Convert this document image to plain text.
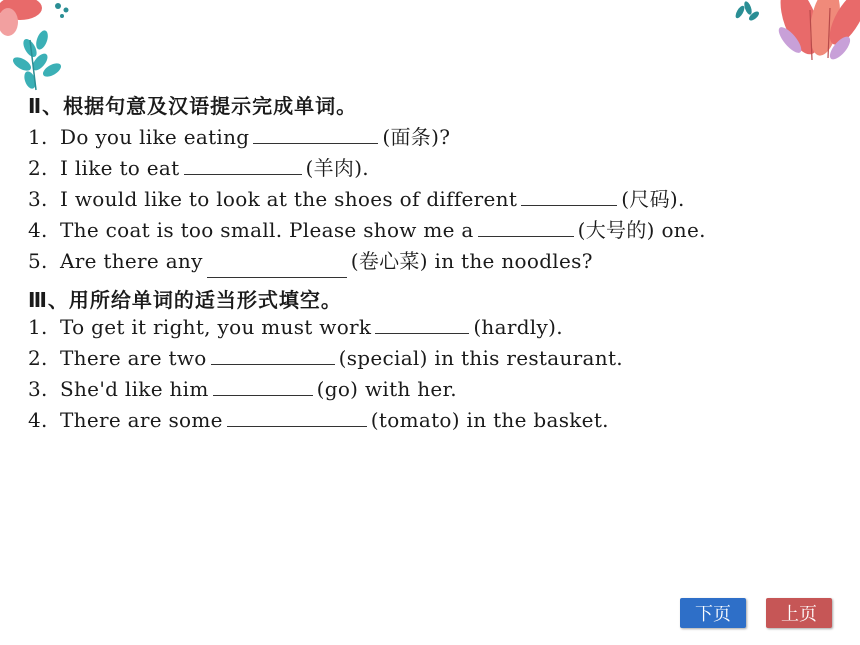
Ⅱ、根据句意及汉语提示完成单词。
1. Do you like eating	(面条)?
2. I like to eat	(羊肉).
3. I would like to look at the shoes of different	(尺码).
4. The coat is too small. Please show me a	(大号的) one.
5. Are there any	(卷心菜) in the noodles?
Ⅲ、用所给单词的适当形式填空。
1. To get it right, you must work	(hardly).
2. There are two	(special) in this restaurant.
3. She'd like him	(go) with her.
4. There are some	(tomato) in the basket.
下页	上页
